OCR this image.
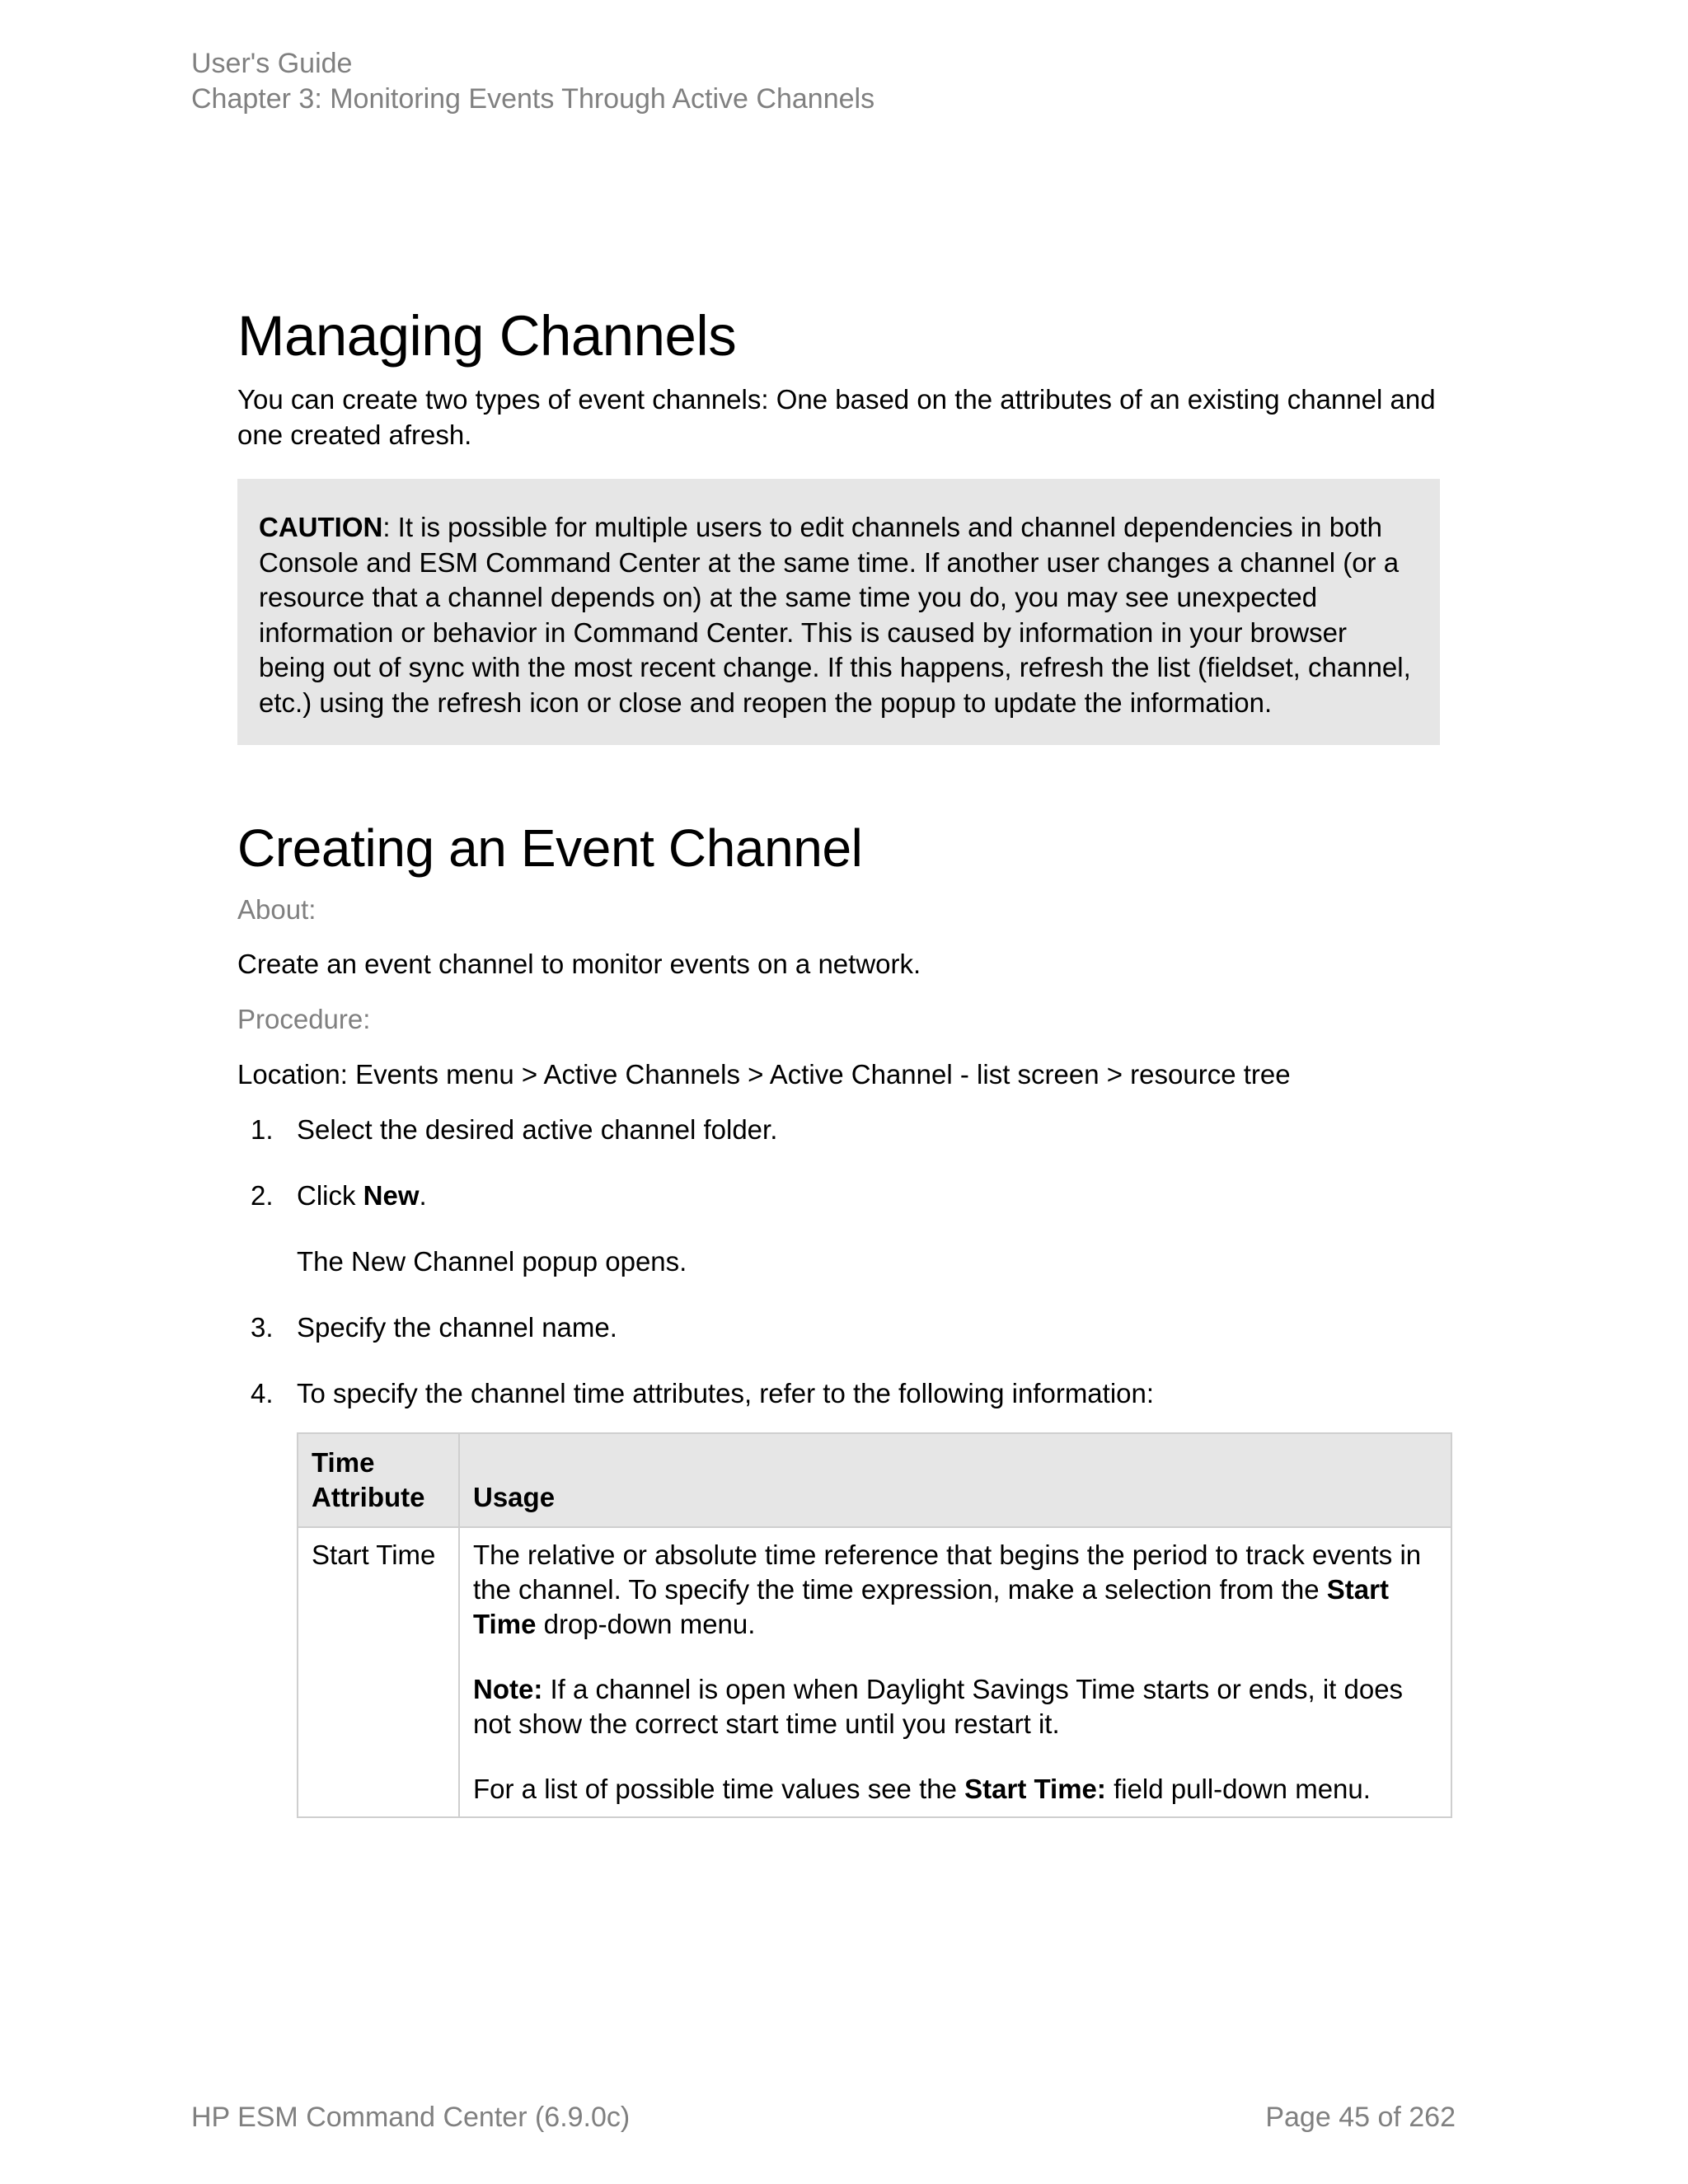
User's Guide
Chapter 3: Monitoring Events Through Active Channels
Managing Channels

You can create two types of event channels: One based on the attributes of an existing channel and one created afresh.

CAUTION: It is possible for multiple users to edit channels and channel dependencies in both Console and ESM Command Center at the same time. If another user changes a channel (or a resource that a channel depends on) at the same time you do, you may see unexpected information or behavior in Command Center. This is caused by information in your browser being out of sync with the most recent change. If this happens, refresh the list (fieldset, channel, etc.) using the refresh icon or close and reopen the popup to update the information.
Creating an Event Channel

About:

Create an event channel to monitor events on a network.

Procedure:

Location: Events menu > Active Channels > Active Channel - list screen > resource tree

1. Select the desired active channel folder.
2. Click New.
The New Channel popup opens.
3. Specify the channel name.
4. To specify the channel time attributes, refer to the following information:
Time Attribute	Usage
Start Time	The relative or absolute time reference that begins the period to track events in the channel. To specify the time expression, make a selection from the Start Time drop-down menu.

Note: If a channel is open when Daylight Savings Time starts or ends, it does not show the correct start time until you restart it.

For a list of possible time values see the Start Time: field pull-down menu.

HP ESM Command Center (6.9.0c)	Page 45 of 262
